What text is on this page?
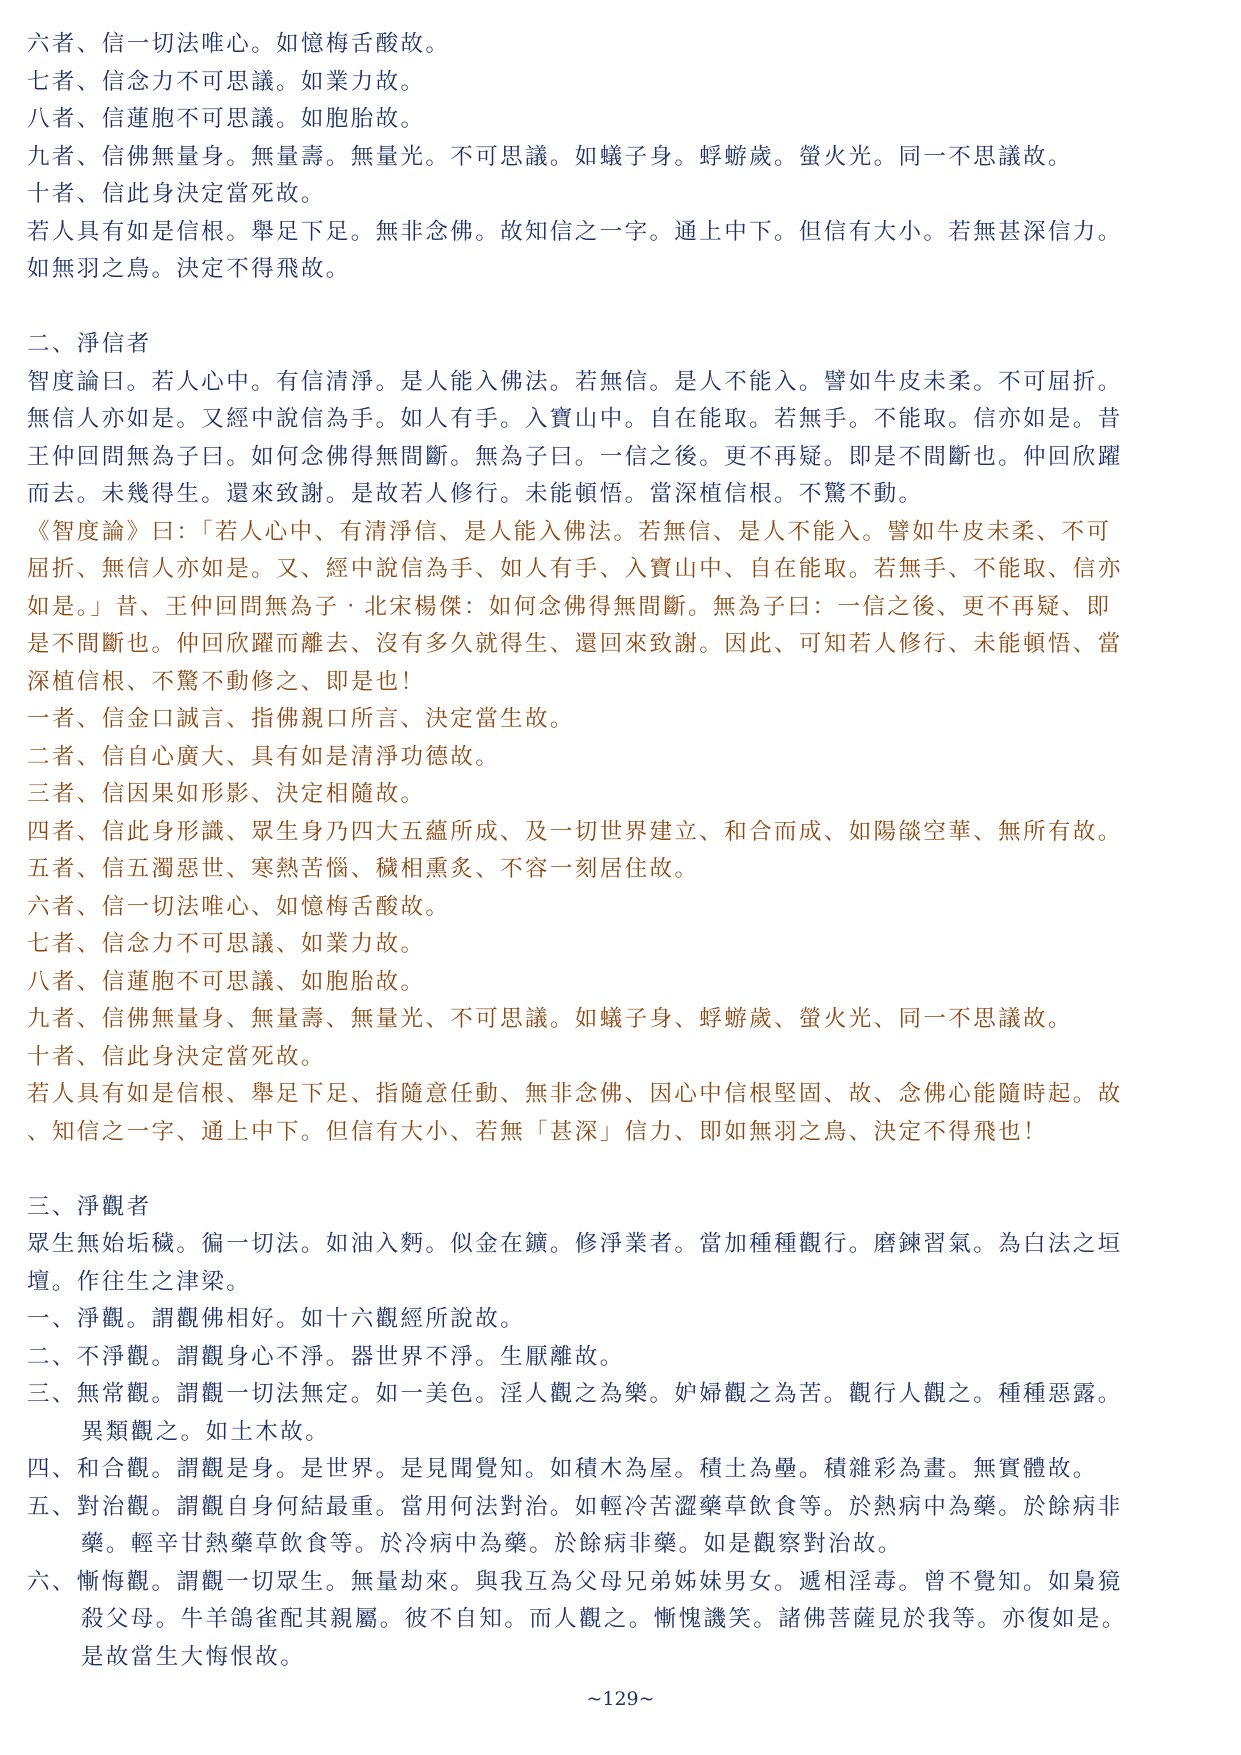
六者、信一切法唯心。如憶梅舌酸故。
七者、信念力不可思議。如業力故。
八者、信蓮胞不可思議。如胞胎故。
九者、信佛無量身。無量壽。無量光。不可思議。如蟻子身。蜉蝣歲。螢火光。同一不思議故。
十者、信此身決定當死故。
若人具有如是信根。舉足下足。無非念佛。故知信之一字。通上中下。但信有大小。若無甚深信力。
如無羽之鳥。決定不得飛故。
二、淨信者
智度論曰。若人心中。有信清淨。是人能入佛法。若無信。是人不能入。譬如牛皮未柔。不可屈折。
無信人亦如是。又經中說信為手。如人有手。入寶山中。自在能取。若無手。不能取。信亦如是。昔
王仲回問無為子曰。如何念佛得無間斷。無為子曰。一信之後。更不再疑。即是不間斷也。仲回欣躍
而去。未幾得生。還來致謝。是故若人修行。未能頓悟。當深植信根。不驚不動。
《智度論》曰：「若人心中、有清淨信、是人能入佛法。若無信、是人不能入。譬如牛皮未柔、不可
屈折、無信人亦如是。又、經中說信為手、如人有手、入寶山中、自在能取。若無手、不能取、信亦
如是。」昔、王仲回問無為子‧北宋楊傑：如何念佛得無間斷。無為子曰：一信之後、更不再疑、即
是不間斷也。仲回欣躍而離去、沒有多久就得生、還回來致謝。因此、可知若人修行、未能頓悟、當
深植信根、不驚不動修之、即是也！
一者、信金口誠言、指佛親口所言、決定當生故。
二者、信自心廣大、具有如是清淨功德故。
三者、信因果如形影、決定相隨故。
四者、信此身形識、眾生身乃四大五蘊所成、及一切世界建立、和合而成、如陽燄空華、無所有故。
五者、信五濁惡世、寒熱苦惱、穢相熏炙、不容一刻居住故。
六者、信一切法唯心、如憶梅舌酸故。
七者、信念力不可思議、如業力故。
八者、信蓮胞不可思議、如胞胎故。
九者、信佛無量身、無量壽、無量光、不可思議。如蟻子身、蜉蝣歲、螢火光、同一不思議故。
十者、信此身決定當死故。
若人具有如是信根、舉足下足、指隨意任動、無非念佛、因心中信根堅固、故、念佛心能隨時起。故
、知信之一字、通上中下。但信有大小、若無「甚深」信力、即如無羽之鳥、決定不得飛也！
三、淨觀者
眾生無始垢穢。徧一切法。如油入麪。似金在鑛。修淨業者。當加種種觀行。磨鍊習氣。為白法之垣
壇。作往生之津梁。
一、淨觀。謂觀佛相好。如十六觀經所說故。
二、不淨觀。謂觀身心不淨。器世界不淨。生厭離故。
三、無常觀。謂觀一切法無定。如一美色。淫人觀之為樂。妒婦觀之為苦。觀行人觀之。種種惡露。
異類觀之。如土木故。
四、和合觀。謂觀是身。是世界。是見聞覺知。如積木為屋。積土為壘。積雜彩為畫。無實體故。
五、對治觀。謂觀自身何結最重。當用何法對治。如輕冷苦澀藥草飲食等。於熱病中為藥。於餘病非
藥。輕辛甘熱藥草飲食等。於冷病中為藥。於餘病非藥。如是觀察對治故。
六、慚悔觀。謂觀一切眾生。無量劫來。與我互為父母兄弟姊妹男女。遞相淫毒。曾不覺知。如梟獍
殺父母。牛羊鴿雀配其親屬。彼不自知。而人觀之。慚愧譏笑。諸佛菩薩見於我等。亦復如是。
是故當生大悔恨故。
~129~
